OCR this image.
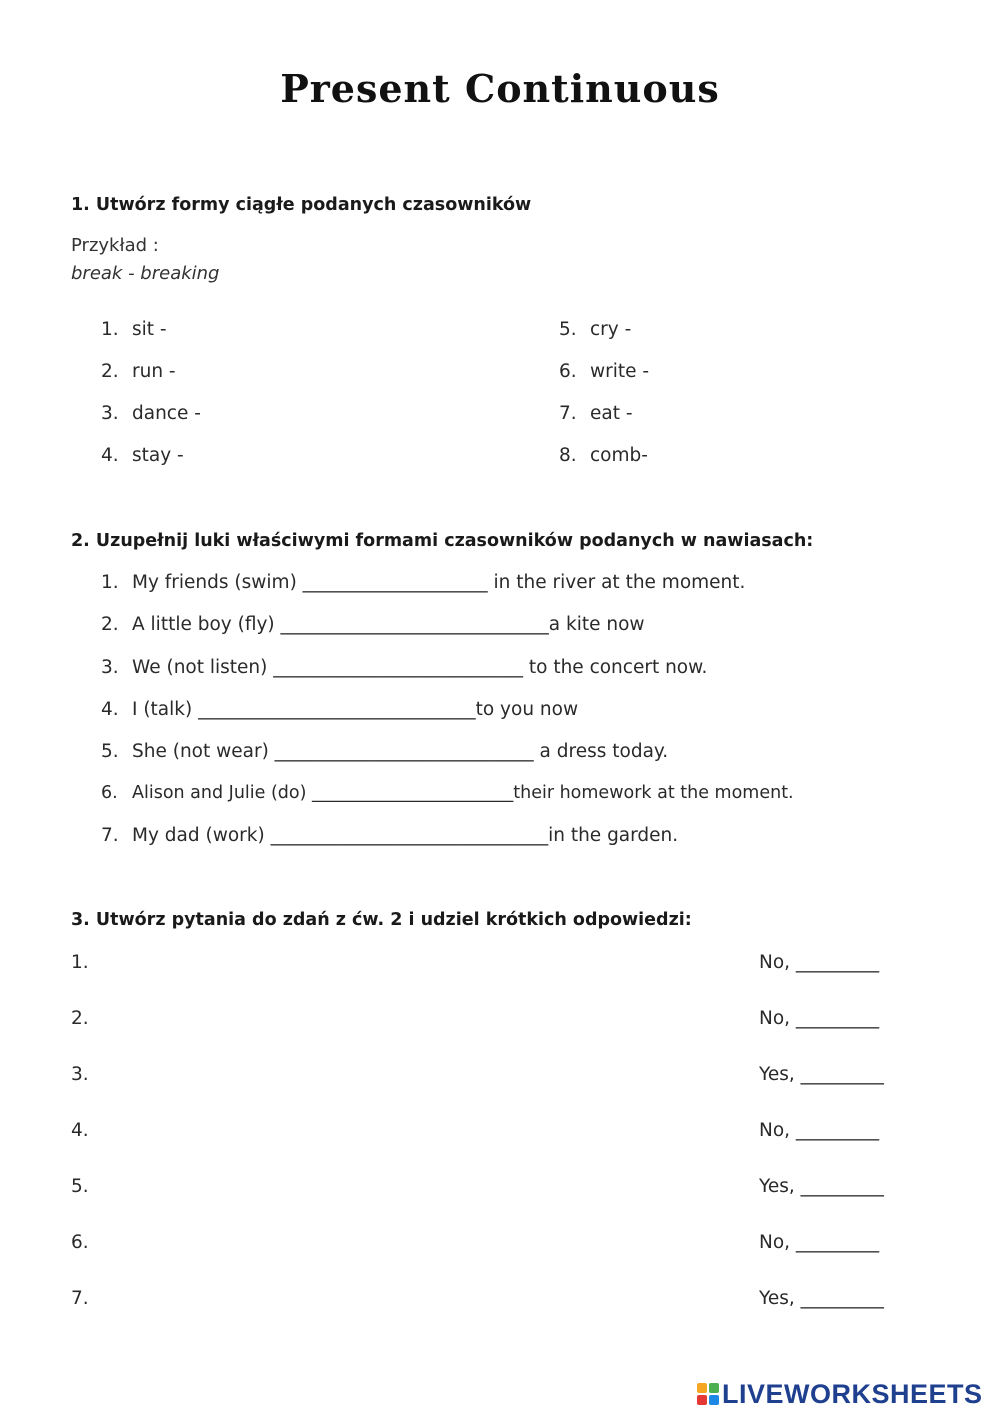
Present Continuous
1. Utwórz formy ciągłe podanych czasowników
Przykład :
break - breaking
1. sit -
2. run -
3. dance -
4. stay -
5. cry -
6. write -
7. eat -
8. comb-
2. Uzupełnij luki właściwymi formami czasowników podanych w nawiasach:
1. My friends (swim) ____________________ in the river at the moment.
2. A little boy (fly) _____________________________a kite now
3. We (not listen) ___________________________ to the concert now.
4. I (talk) ______________________________to you now
5. She (not wear) ____________________________ a dress today.
6. Alison and Julie (do) _______________________their homework at the moment.
7. My dad (work) ______________________________in the garden.
3. Utwórz pytania do zdań z ćw. 2 i udziel krótkich odpowiedzi:
1.	No, _________
2.	No, _________
3.	Yes, _________
4.	No, _________
5.	Yes, _________
6.	No, _________
7.	Yes, _________
LIVEWORKSHEETS
